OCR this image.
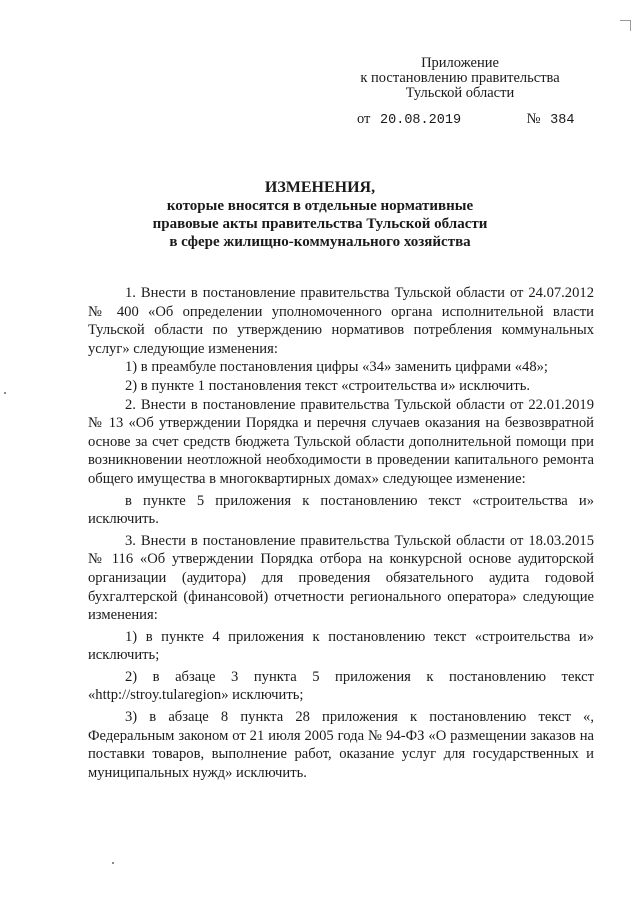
Приложение
к постановлению правительства
Тульской области
от 20.08.2019	№ 384
ИЗМЕНЕНИЯ,
которые вносятся в отдельные нормативные
правовые акты правительства Тульской области
в сфере жилищно-коммунального хозяйства

1. Внести в постановление правительства Тульской области от 24.07.2012 № 400 «Об определении уполномоченного органа исполнительной власти Тульской области по утверждению нормативов потребления коммунальных услуг» следующие изменения:

1) в преамбуле постановления цифры «34» заменить цифрами «48»;

2) в пункте 1 постановления текст «строительства и» исключить.

2. Внести в постановление правительства Тульской области от 22.01.2019 № 13 «Об утверждении Порядка и перечня случаев оказания на безвозвратной основе за счет средств бюджета Тульской области дополнительной помощи при возникновении неотложной необходимости в проведении капитального ремонта общего имущества в многоквартирных домах» следующее изменение:

в пункте 5 приложения к постановлению текст «строительства и» исключить.

3. Внести в постановление правительства Тульской области от 18.03.2015 № 116 «Об утверждении Порядка отбора на конкурсной основе аудиторской организации (аудитора) для проведения обязательного аудита годовой бухгалтерской (финансовой) отчетности регионального оператора» следующие изменения:

1) в пункте 4 приложения к постановлению текст «строительства и» исключить;

2) в абзаце 3 пункта 5 приложения к постановлению текст «http://stroy.tularegion» исключить;

3) в абзаце 8 пункта 28 приложения к постановлению текст «, Федеральным законом от 21 июля 2005 года № 94-ФЗ «О размещении заказов на поставки товаров, выполнение работ, оказание услуг для государственных и муниципальных нужд» исключить.
